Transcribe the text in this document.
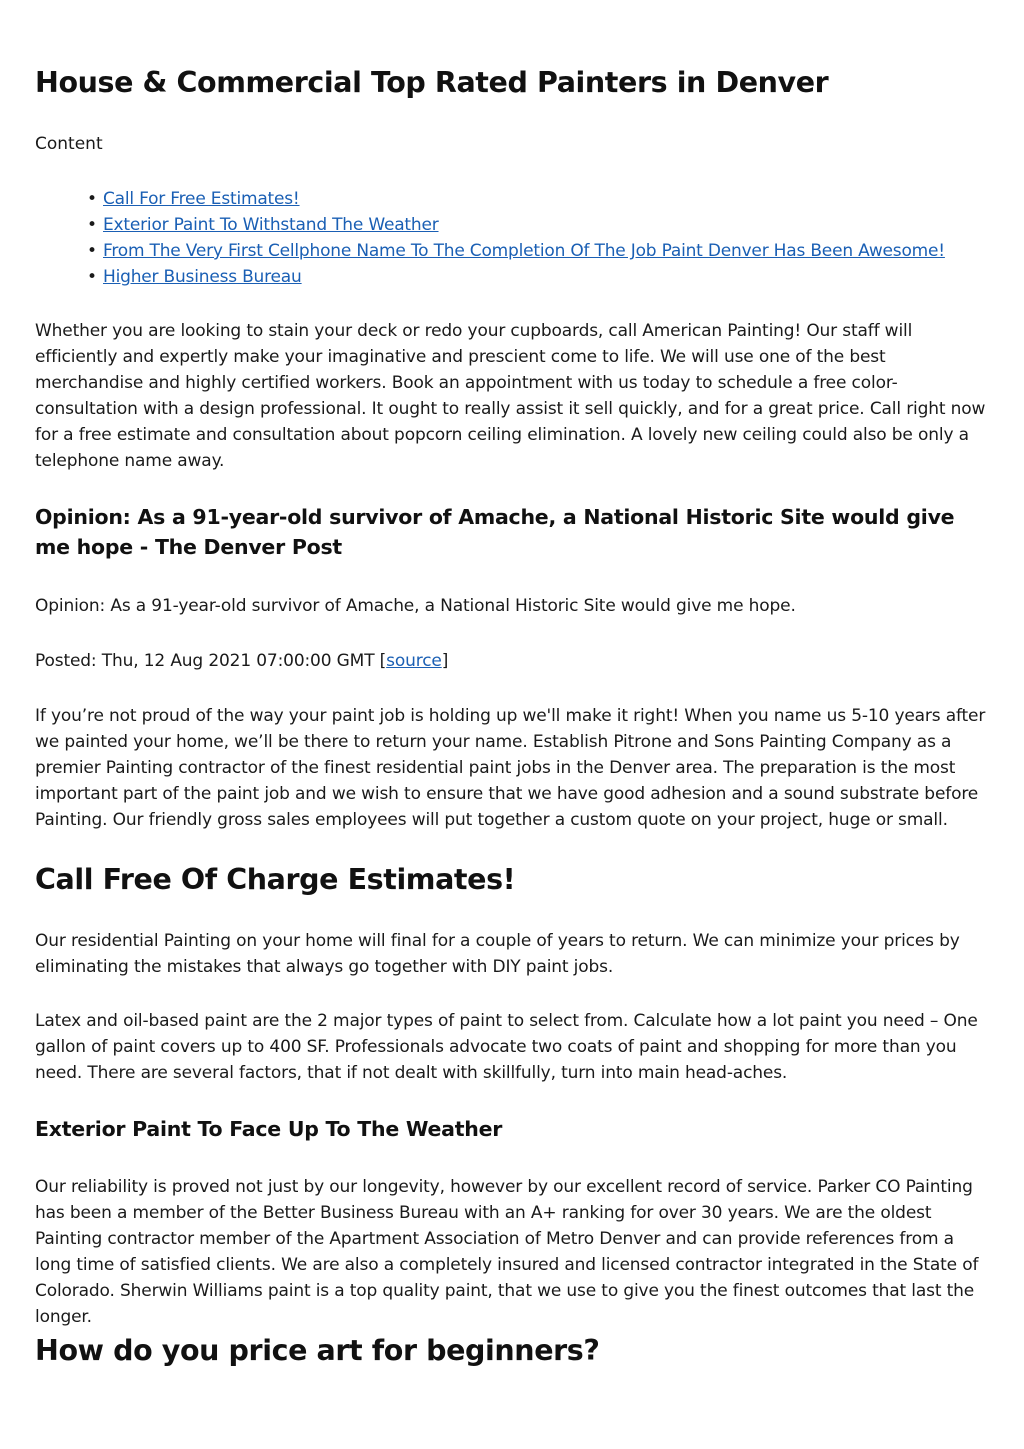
House & Commercial Top Rated Painters in Denver
Content
• Call For Free Estimates!
• Exterior Paint To Withstand The Weather
• From The Very First Cellphone Name To The Completion Of The Job Paint Denver Has Been Awesome!
• Higher Business Bureau

Whether you are looking to stain your deck or redo your cupboards, call American Painting! Our staff will efficiently and expertly make your imaginative and prescient come to life. We will use one of the best merchandise and highly certified workers. Book an appointment with us today to schedule a free color-consultation with a design professional. It ought to really assist it sell quickly, and for a great price. Call right now for a free estimate and consultation about popcorn ceiling elimination. A lovely new ceiling could also be only a telephone name away.

Opinion: As a 91-year-old survivor of Amache, a National Historic Site would give me hope - The Denver Post

Opinion: As a 91-year-old survivor of Amache, a National Historic Site would give me hope.

Posted: Thu, 12 Aug 2021 07:00:00 GMT [source]

If you’re not proud of the way your paint job is holding up we'll make it right! When you name us 5-10 years after we painted your home, we’ll be there to return your name. Establish Pitrone and Sons Painting Company as a premier Painting contractor of the finest residential paint jobs in the Denver area. The preparation is the most important part of the paint job and we wish to ensure that we have good adhesion and a sound substrate before Painting. Our friendly gross sales employees will put together a custom quote on your project, huge or small.

Call Free Of Charge Estimates!

Our residential Painting on your home will final for a couple of years to return. We can minimize your prices by eliminating the mistakes that always go together with DIY paint jobs.

Latex and oil-based paint are the 2 major types of paint to select from. Calculate how a lot paint you need – One gallon of paint covers up to 400 SF. Professionals advocate two coats of paint and shopping for more than you need. There are several factors, that if not dealt with skillfully, turn into main head-aches.

Exterior Paint To Face Up To The Weather

Our reliability is proved not just by our longevity, however by our excellent record of service. Parker CO Painting has been a member of the Better Business Bureau with an A+ ranking for over 30 years. We are the oldest Painting contractor member of the Apartment Association of Metro Denver and can provide references from a long time of satisfied clients. We are also a completely insured and licensed contractor integrated in the State of Colorado. Sherwin Williams paint is a top quality paint, that we use to give you the finest outcomes that last the longer.

How do you price art for beginners?
